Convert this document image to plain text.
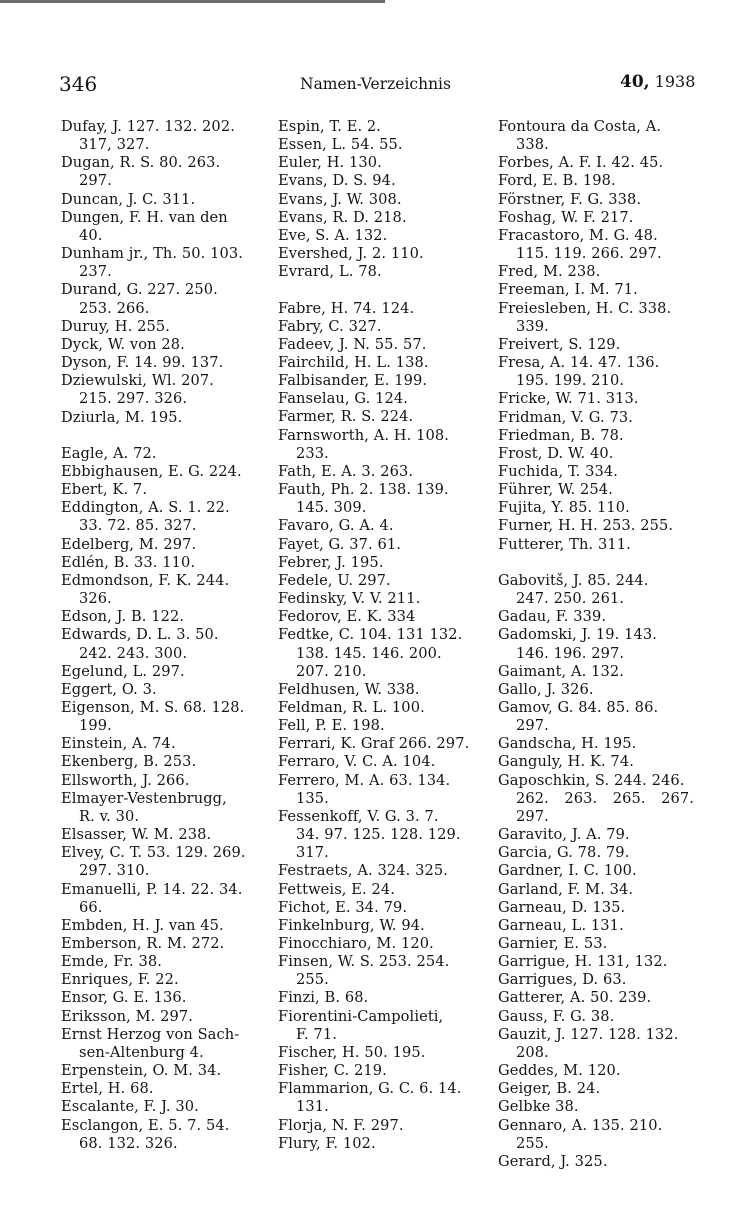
346	Namen-Verzeichnis	40, 1938
Dufay, J. 127. 132. 202.
317, 327.
Dugan, R. S. 80. 263.
297.
Duncan, J. C. 311.
Dungen, F. H. van den
40.
Dunham jr., Th. 50. 103.
237.
Durand, G. 227. 250.
253. 266.
Duruy, H. 255.
Dyck, W. von 28.
Dyson, F. 14. 99. 137.
Dziewulski, Wl. 207.
215. 297. 326.
Dziurla, M. 195.
Eagle, A. 72.
Ebbighausen, E. G. 224.
Ebert, K. 7.
Eddington, A. S. 1. 22.
33. 72. 85. 327.
Edelberg, M. 297.
Edlén, B. 33. 110.
Edmondson, F. K. 244.
326.
Edson, J. B. 122.
Edwards, D. L. 3. 50.
242. 243. 300.
Egelund, L. 297.
Eggert, O. 3.
Eigenson, M. S. 68. 128.
199.
Einstein, A. 74.
Ekenberg, B. 253.
Ellsworth, J. 266.
Elmayer-Vestenbrugg,
R. v. 30.
Elsasser, W. M. 238.
Elvey, C. T. 53. 129. 269.
297. 310.
Emanuelli, P. 14. 22. 34.
66.
Embden, H. J. van 45.
Emberson, R. M. 272.
Emde, Fr. 38.
Enriques, F. 22.
Ensor, G. E. 136.
Eriksson, M. 297.
Ernst Herzog von Sach-
sen-Altenburg 4.
Erpenstein, O. M. 34.
Ertel, H. 68.
Escalante, F. J. 30.
Esclangon, E. 5. 7. 54.
68. 132. 326.
Espin, T. E. 2.
Essen, L. 54. 55.
Euler, H. 130.
Evans, D. S. 94.
Evans, J. W. 308.
Evans, R. D. 218.
Eve, S. A. 132.
Evershed, J. 2. 110.
Evrard, L. 78.
Fabre, H. 74. 124.
Fabry, C. 327.
Fadeev, J. N. 55. 57.
Fairchild, H. L. 138.
Falbisander, E. 199.
Fanselau, G. 124.
Farmer, R. S. 224.
Farnsworth, A. H. 108.
233.
Fath, E. A. 3. 263.
Fauth, Ph. 2. 138. 139.
145. 309.
Favaro, G. A. 4.
Fayet, G. 37. 61.
Febrer, J. 195.
Fedele, U. 297.
Fedinsky, V. V. 211.
Fedorov, E. K. 334
Fedtke, C. 104. 131 132.
138. 145. 146. 200.
207. 210.
Feldhusen, W. 338.
Feldman, R. L. 100.
Fell, P. E. 198.
Ferrari, K. Graf 266. 297.
Ferraro, V. C. A. 104.
Ferrero, M. A. 63. 134.
135.
Fessenkoff, V. G. 3. 7.
34. 97. 125. 128. 129.
317.
Festraets, A. 324. 325.
Fettweis, E. 24.
Fichot, E. 34. 79.
Finkelnburg, W. 94.
Finocchiaro, M. 120.
Finsen, W. S. 253. 254.
255.
Finzi, B. 68.
Fiorentini-Campolieti,
F. 71.
Fischer, H. 50. 195.
Fisher, C. 219.
Flammarion, G. C. 6. 14.
131.
Florja, N. F. 297.
Flury, F. 102.
Fontoura da Costa, A.
338.
Forbes, A. F. I. 42. 45.
Ford, E. B. 198.
Förstner, F. G. 338.
Foshag, W. F. 217.
Fracastoro, M. G. 48.
115. 119. 266. 297.
Fred, M. 238.
Freeman, I. M. 71.
Freiesleben, H. C. 338.
339.
Freivert, S. 129.
Fresa, A. 14. 47. 136.
195. 199. 210.
Fricke, W. 71. 313.
Fridman, V. G. 73.
Friedman, B. 78.
Frost, D. W. 40.
Fuchida, T. 334.
Führer, W. 254.
Fujita, Y. 85. 110.
Furner, H. H. 253. 255.
Futterer, Th. 311.
Gabovitš, J. 85. 244.
247. 250. 261.
Gadau, F. 339.
Gadomski, J. 19. 143.
146. 196. 297.
Gaimant, A. 132.
Gallo, J. 326.
Gamov, G. 84. 85. 86.
297.
Gandscha, H. 195.
Ganguly, H. K. 74.
Gaposchkin, S. 244. 246.
262. 263. 265. 267. 297.
Garavito, J. A. 79.
Garcia, G. 78. 79.
Gardner, I. C. 100.
Garland, F. M. 34.
Garneau, D. 135.
Garneau, L. 131.
Garnier, E. 53.
Garrigue, H. 131, 132.
Garrigues, D. 63.
Gatterer, A. 50. 239.
Gauss, F. G. 38.
Gauzit, J. 127. 128. 132.
208.
Geddes, M. 120.
Geiger, B. 24.
Gelbke 38.
Gennaro, A. 135. 210.
255.
Gerard, J. 325.
